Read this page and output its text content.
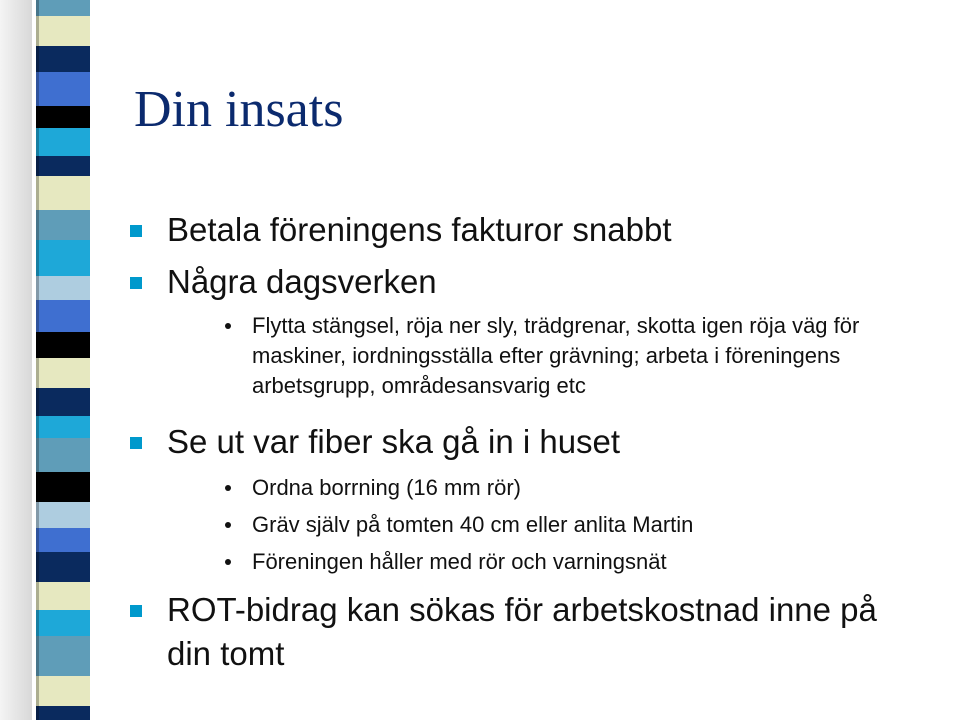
Din insats
Betala föreningens fakturor snabbt
Några dagsverken
Flytta stängsel, röja ner sly, trädgrenar, skotta igen röja väg för maskiner, iordningsställa efter grävning; arbeta i föreningens arbetsgrupp, områdesansvarig etc
Se ut var fiber ska gå in i huset
Ordna borrning (16 mm rör)
Gräv själv på tomten 40 cm eller anlita Martin
Föreningen håller med rör och varningsnät
ROT-bidrag kan sökas för arbetskostnad inne på din tomt
